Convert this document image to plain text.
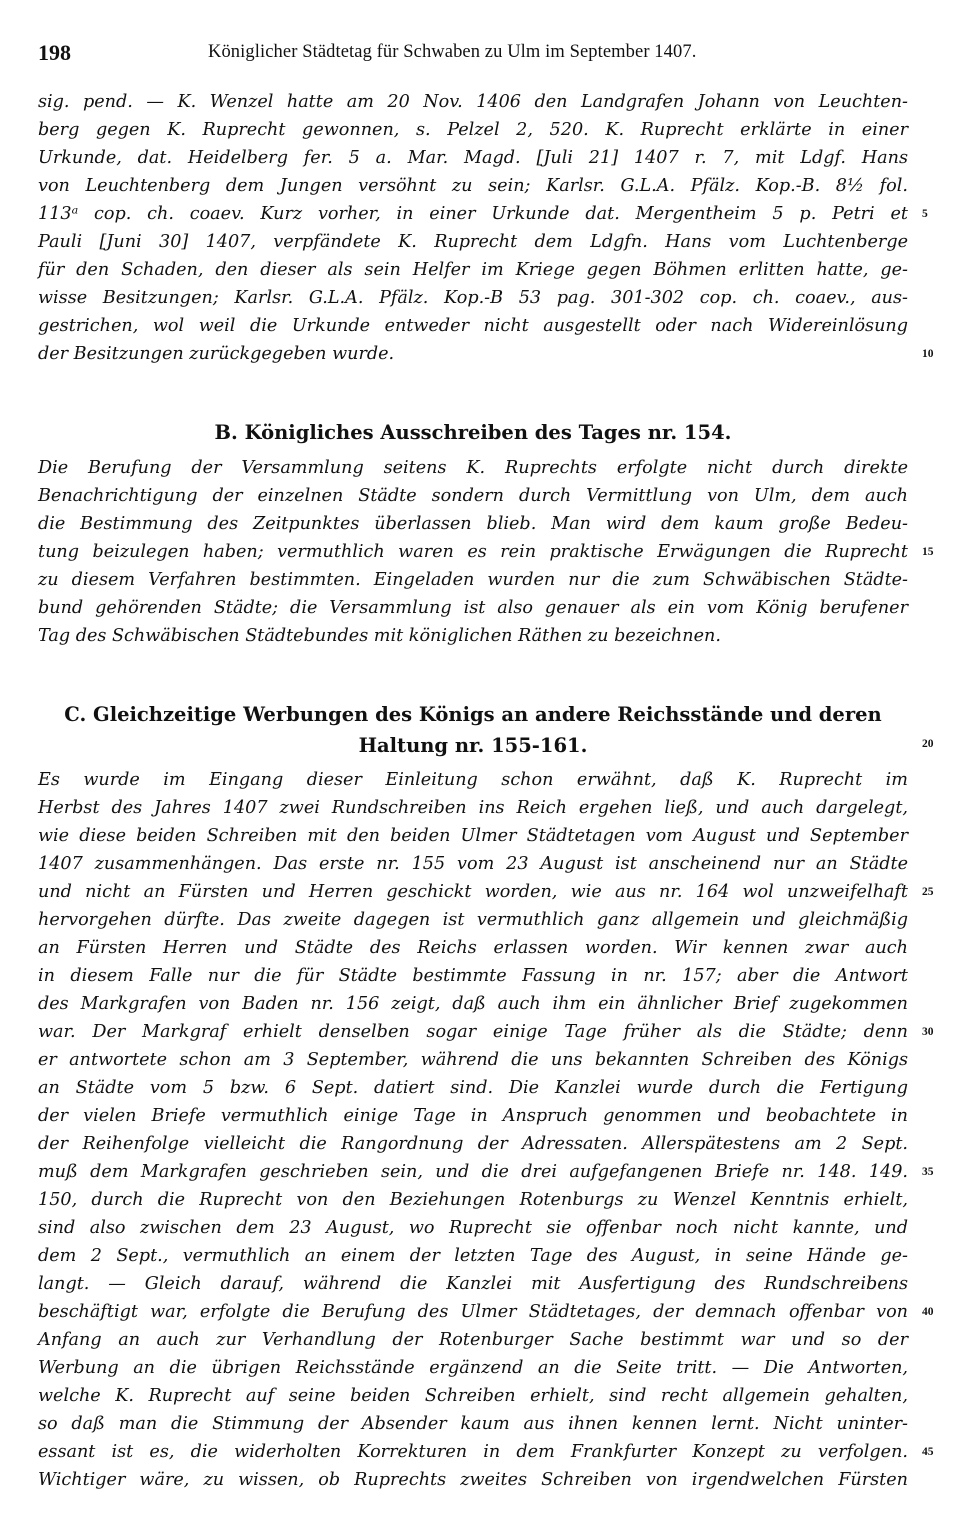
198	Königlicher Städtetag für Schwaben zu Ulm im September 1407.
sig. pend. — K. Wenzel hatte am 20 Nov. 1406 den Landgrafen Johann von Leuchten-
berg gegen K. Ruprecht gewonnen, s. Pelzel 2, 520. K. Ruprecht erklärte in einer
Urkunde, dat. Heidelberg fer. 5 a. Mar. Magd. [Juli 21] 1407 r. 7, mit Ldgf. Hans
von Leuchtenberg dem Jungen versöhnt zu sein; Karlsr. G.L.A. Pfälz. Kop.-B. 8½ fol.
113ᵃ cop. ch. coaev. Kurz vorher, in einer Urkunde dat. Mergentheim 5 p. Petri et
Pauli [Juni 30] 1407, verpfändete K. Ruprecht dem Ldgfn. Hans vom Luchtenberge
für den Schaden, den dieser als sein Helfer im Kriege gegen Böhmen erlitten hatte, ge-
wisse Besitzungen; Karlsr. G.L.A. Pfälz. Kop.-B 53 pag. 301-302 cop. ch. coaev., aus-
gestrichen, wol weil die Urkunde entweder nicht ausgestellt oder nach Widereinlösung
der Besitzungen zurückgegeben wurde.
B. Königliches Ausschreiben des Tages nr. 154.
Die Berufung der Versammlung seitens K. Ruprechts erfolgte nicht durch direkte
Benachrichtigung der einzelnen Städte sondern durch Vermittlung von Ulm, dem auch
die Bestimmung des Zeitpunktes überlassen blieb. Man wird dem kaum große Bedeu-
tung beizulegen haben; vermuthlich waren es rein praktische Erwägungen die Ruprecht
zu diesem Verfahren bestimmten. Eingeladen wurden nur die zum Schwäbischen Städte-
bund gehörenden Städte; die Versammlung ist also genauer als ein vom König berufener
Tag des Schwäbischen Städtebundes mit königlichen Räthen zu bezeichnen.
C. Gleichzeitige Werbungen des Königs an andere Reichsstände und deren
Haltung nr. 155-161.
Es wurde im Eingang dieser Einleitung schon erwähnt, daß K. Ruprecht im
Herbst des Jahres 1407 zwei Rundschreiben ins Reich ergehen ließ, und auch dargelegt,
wie diese beiden Schreiben mit den beiden Ulmer Städtetagen vom August und September
1407 zusammenhängen. Das erste nr. 155 vom 23 August ist anscheinend nur an Städte
und nicht an Fürsten und Herren geschickt worden, wie aus nr. 164 wol unzweifelhaft
hervorgehen dürfte. Das zweite dagegen ist vermuthlich ganz allgemein und gleichmäßig
an Fürsten Herren und Städte des Reichs erlassen worden. Wir kennen zwar auch
in diesem Falle nur die für Städte bestimmte Fassung in nr. 157; aber die Antwort
des Markgrafen von Baden nr. 156 zeigt, daß auch ihm ein ähnlicher Brief zugekommen
war. Der Markgraf erhielt denselben sogar einige Tage früher als die Städte; denn
er antwortete schon am 3 September, während die uns bekannten Schreiben des Königs
an Städte vom 5 bzw. 6 Sept. datiert sind. Die Kanzlei wurde durch die Fertigung
der vielen Briefe vermuthlich einige Tage in Anspruch genommen und beobachtete in
der Reihenfolge vielleicht die Rangordnung der Adressaten. Allerspätestens am 2 Sept.
muß dem Markgrafen geschrieben sein, und die drei aufgefangenen Briefe nr. 148. 149.
150, durch die Ruprecht von den Beziehungen Rotenburgs zu Wenzel Kenntnis erhielt,
sind also zwischen dem 23 August, wo Ruprecht sie offenbar noch nicht kannte, und
dem 2 Sept., vermuthlich an einem der letzten Tage des August, in seine Hände ge-
langt. — Gleich darauf, während die Kanzlei mit Ausfertigung des Rundschreibens
beschäftigt war, erfolgte die Berufung des Ulmer Städtetages, der demnach offenbar von
Anfang an auch zur Verhandlung der Rotenburger Sache bestimmt war und so der
Werbung an die übrigen Reichsstände ergänzend an die Seite tritt. — Die Antworten,
welche K. Ruprecht auf seine beiden Schreiben erhielt, sind recht allgemein gehalten,
so daß man die Stimmung der Absender kaum aus ihnen kennen lernt. Nicht uninter-
essant ist es, die widerholten Korrekturen in dem Frankfurter Konzept zu verfolgen.
Wichtiger wäre, zu wissen, ob Ruprechts zweites Schreiben von irgendwelchen Fürsten
5
10
15
20
25
30
35
40
45
